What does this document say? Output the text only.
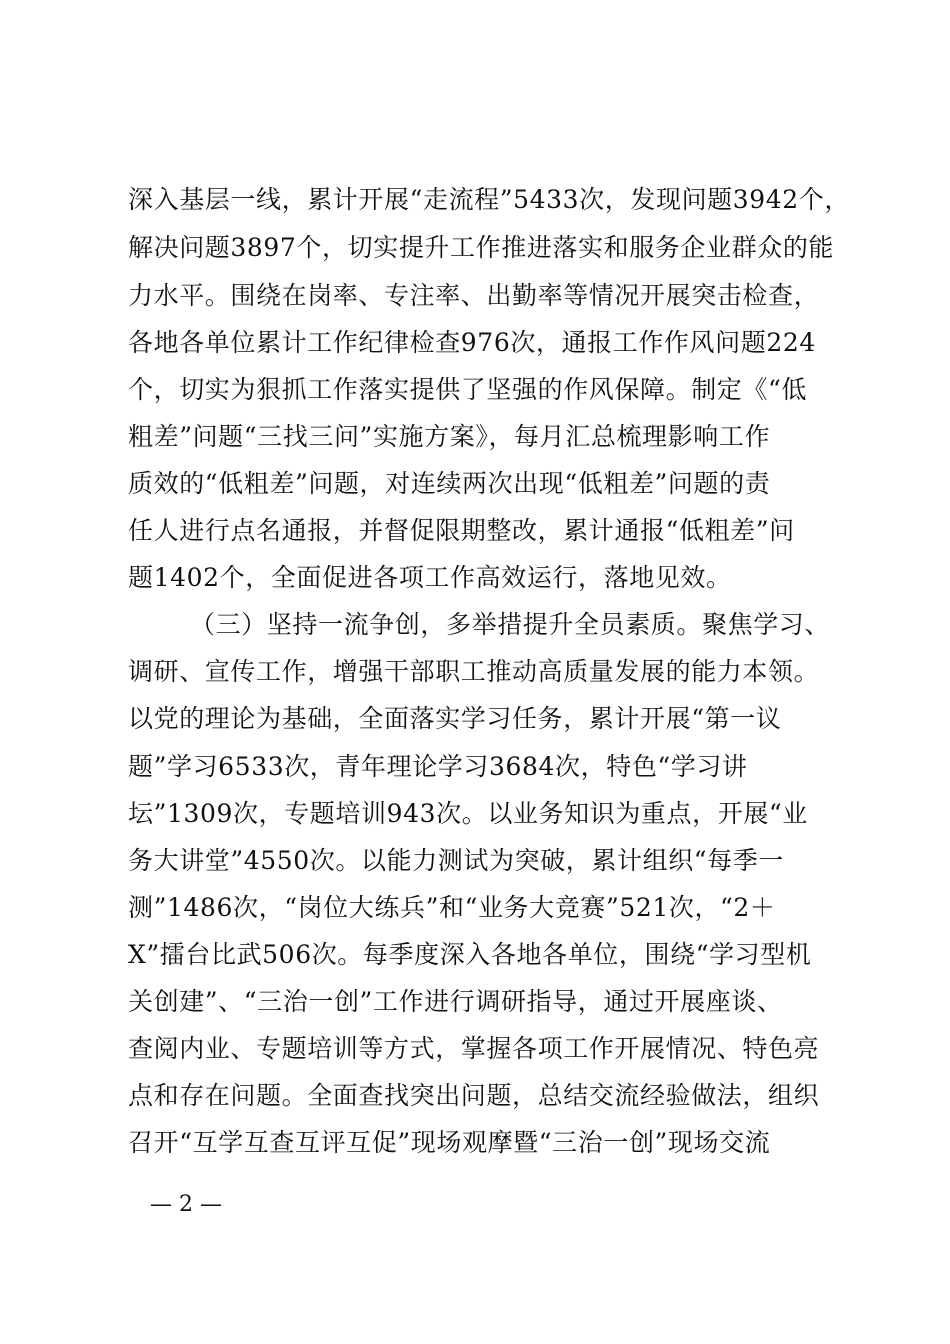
深入基层一线，累计开展“走流程”5433次，发现问题3942个，
解决问题3897个，切实提升工作推进落实和服务企业群众的能
力水平。围绕在岗率、专注率、出勤率等情况开展突击检查，
各地各单位累计工作纪律检查976次，通报工作作风问题224
个，切实为狠抓工作落实提供了坚强的作风保障。制定《“低
粗差”问题“三找三问”实施方案》，每月汇总梳理影响工作
质效的“低粗差”问题，对连续两次出现“低粗差”问题的责
任人进行点名通报，并督促限期整改，累计通报“低粗差”问
题1402个，全面促进各项工作高效运行，落地见效。
（三）坚持一流争创，多举措提升全员素质。聚焦学习、
调研、宣传工作，增强干部职工推动高质量发展的能力本领。
以党的理论为基础，全面落实学习任务，累计开展“第一议
题”学习6533次，青年理论学习3684次，特色“学习讲
坛”1309次，专题培训943次。以业务知识为重点，开展“业
务大讲堂”4550次。以能力测试为突破，累计组织“每季一
测”1486次，“岗位大练兵”和“业务大竞赛”521次，“2＋
X”擂台比武506次。每季度深入各地各单位，围绕“学习型机
关创建”、“三治一创”工作进行调研指导，通过开展座谈、
查阅内业、专题培训等方式，掌握各项工作开展情况、特色亮
点和存在问题。全面查找突出问题，总结交流经验做法，组织
召开“互学互查互评互促”现场观摩暨“三治一创”现场交流
— 2 —
